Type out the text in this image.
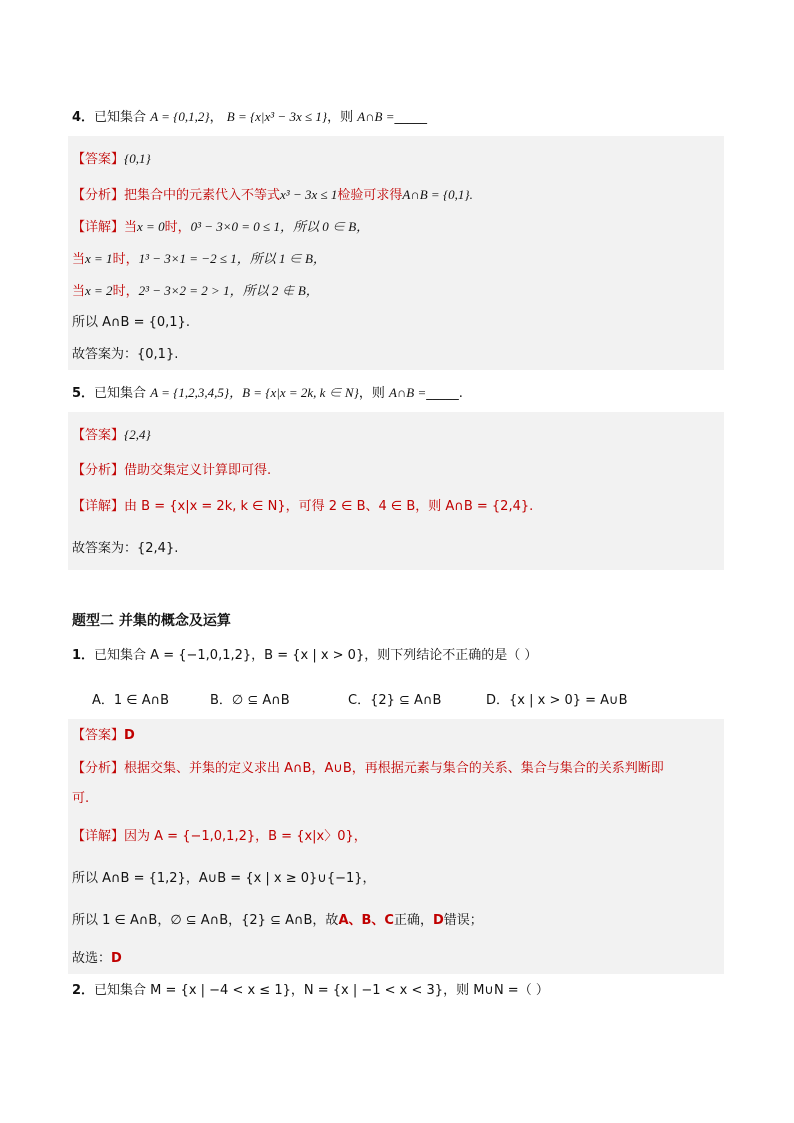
4．已知集合 A = {0,1,2}， B = {x|x³ − 3x ≤ 1}，则 A∩B =_____
【答案】{0,1}
【分析】把集合中的元素代入不等式x³ − 3x ≤ 1检验可求得A∩B = {0,1}.
【详解】当x = 0时，0³ − 3×0 = 0 ≤ 1，所以 0 ∈ B，
当x = 1时，1³ − 3×1 = −2 ≤ 1，所以 1 ∈ B，
当x = 2时，2³ − 3×2 = 2 > 1，所以 2 ∉ B，
所以 A∩B = {0,1}.
故答案为：{0,1}.
5．已知集合 A = {1,2,3,4,5}，B = {x|x = 2k, k ∈ N}，则 A∩B =_____.
【答案】{2,4}
【分析】借助交集定义计算即可得.
【详解】由 B = {x|x = 2k, k ∈ N}，可得 2 ∈ B、4 ∈ B，则 A∩B = {2,4}.
故答案为：{2,4}.
题型二 并集的概念及运算
1．已知集合 A = {−1,0,1,2}，B = {x | x > 0}，则下列结论不正确的是（ ）
A．1 ∈ A∩B	B．∅ ⊆ A∩B	C．{2} ⊆ A∩B	D．{x | x > 0} = A∪B
【答案】D
【分析】根据交集、并集的定义求出 A∩B，A∪B，再根据元素与集合的关系、集合与集合的关系判断即
可.
【详解】因为 A = {−1,0,1,2}，B = {x|x〉0}，
所以 A∩B = {1,2}，A∪B = {x | x ≥ 0}∪{−1}，
所以 1 ∈ A∩B，∅ ⊆ A∩B，{2} ⊆ A∩B，故A、B、C正确，D错误；
故选：D
2．已知集合 M = {x | −4 < x ≤ 1}，N = {x | −1 < x < 3}，则 M∪N =（ ）
